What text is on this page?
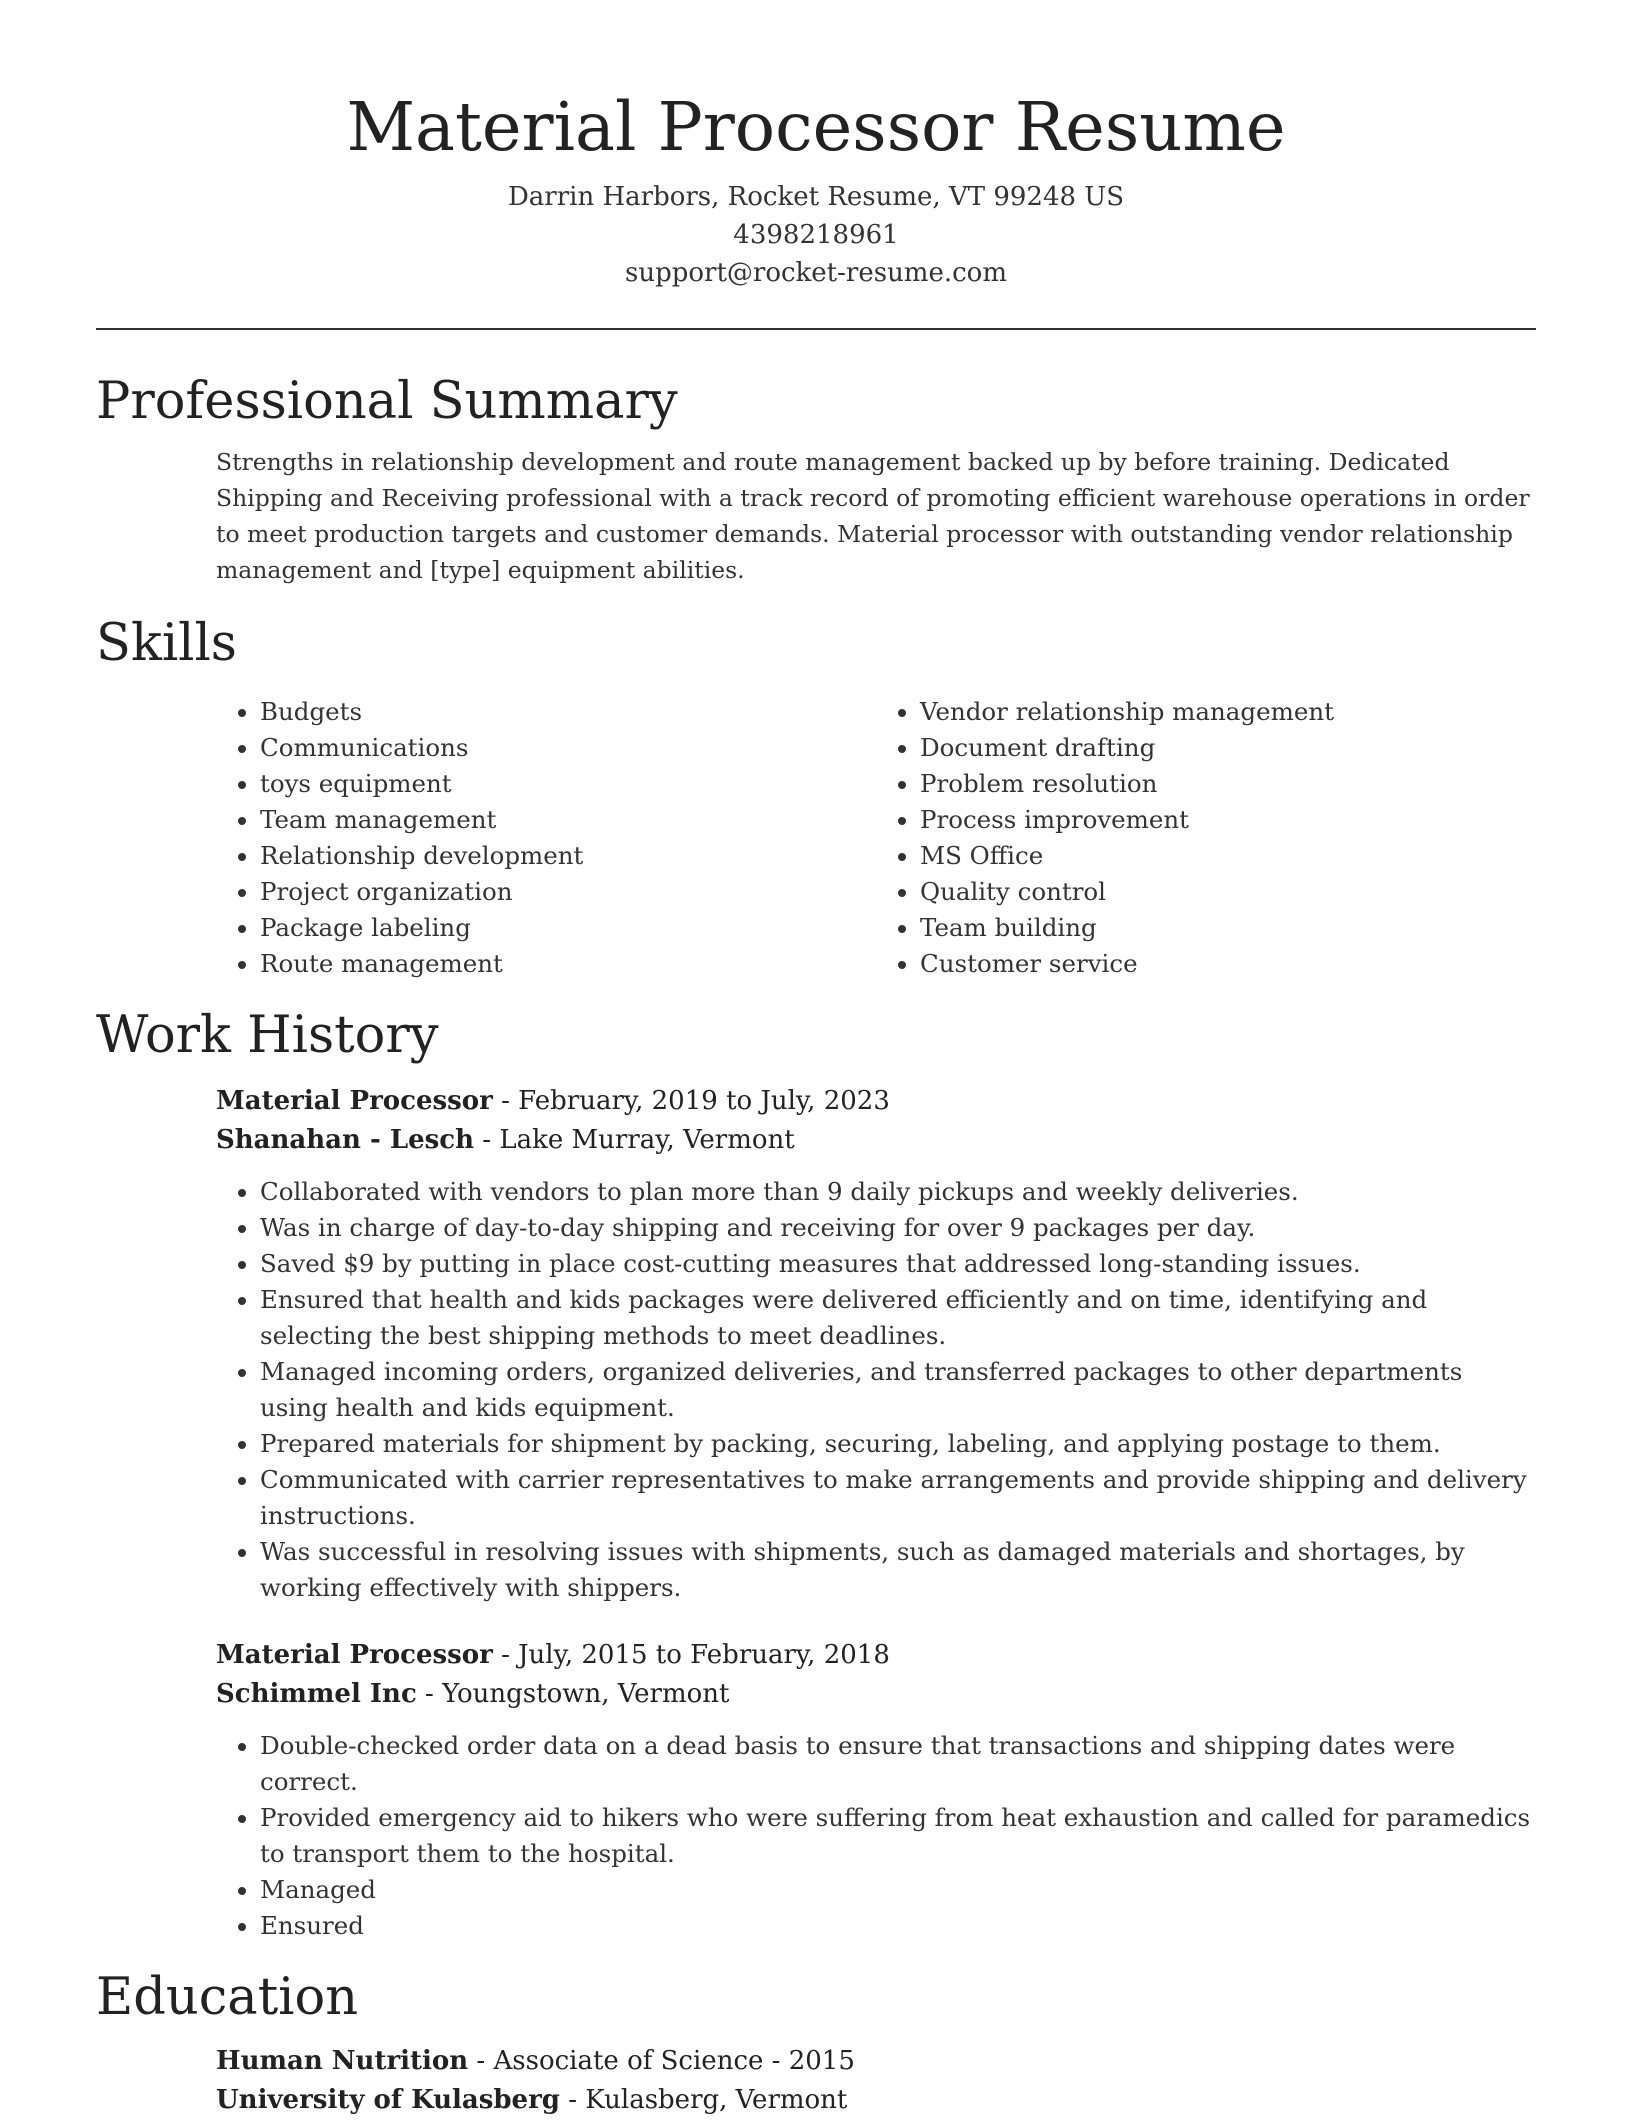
Material Processor Resume
Darrin Harbors, Rocket Resume, VT 99248 US
4398218961
support@rocket-resume.com
Professional Summary

Strengths in relationship development and route management backed up by before training. Dedicated Shipping and Receiving professional with a track record of promoting efficient warehouse operations in order to meet production targets and customer demands. Material processor with outstanding vendor relationship management and [type] equipment abilities.

Skills
• Budgets
• Communications
• toys equipment
• Team management
• Relationship development
• Project organization
• Package labeling
• Route management
• Vendor relationship management
• Document drafting
• Problem resolution
• Process improvement
• MS Office
• Quality control
• Team building
• Customer service
Work History
Material Processor - February, 2019 to July, 2023
Shanahan - Lesch - Lake Murray, Vermont
• Collaborated with vendors to plan more than 9 daily pickups and weekly deliveries.
• Was in charge of day-to-day shipping and receiving for over 9 packages per day.
• Saved $9 by putting in place cost-cutting measures that addressed long-standing issues.
• Ensured that health and kids packages were delivered efficiently and on time, identifying and selecting the best shipping methods to meet deadlines.
• Managed incoming orders, organized deliveries, and transferred packages to other departments using health and kids equipment.
• Prepared materials for shipment by packing, securing, labeling, and applying postage to them.
• Communicated with carrier representatives to make arrangements and provide shipping and delivery instructions.
• Was successful in resolving issues with shipments, such as damaged materials and shortages, by working effectively with shippers.
Material Processor - July, 2015 to February, 2018
Schimmel Inc - Youngstown, Vermont
• Double-checked order data on a dead basis to ensure that transactions and shipping dates were correct.
• Provided emergency aid to hikers who were suffering from heat exhaustion and called for paramedics to transport them to the hospital.
• Managed
• Ensured
Education
Human Nutrition - Associate of Science - 2015
University of Kulasberg - Kulasberg, Vermont
